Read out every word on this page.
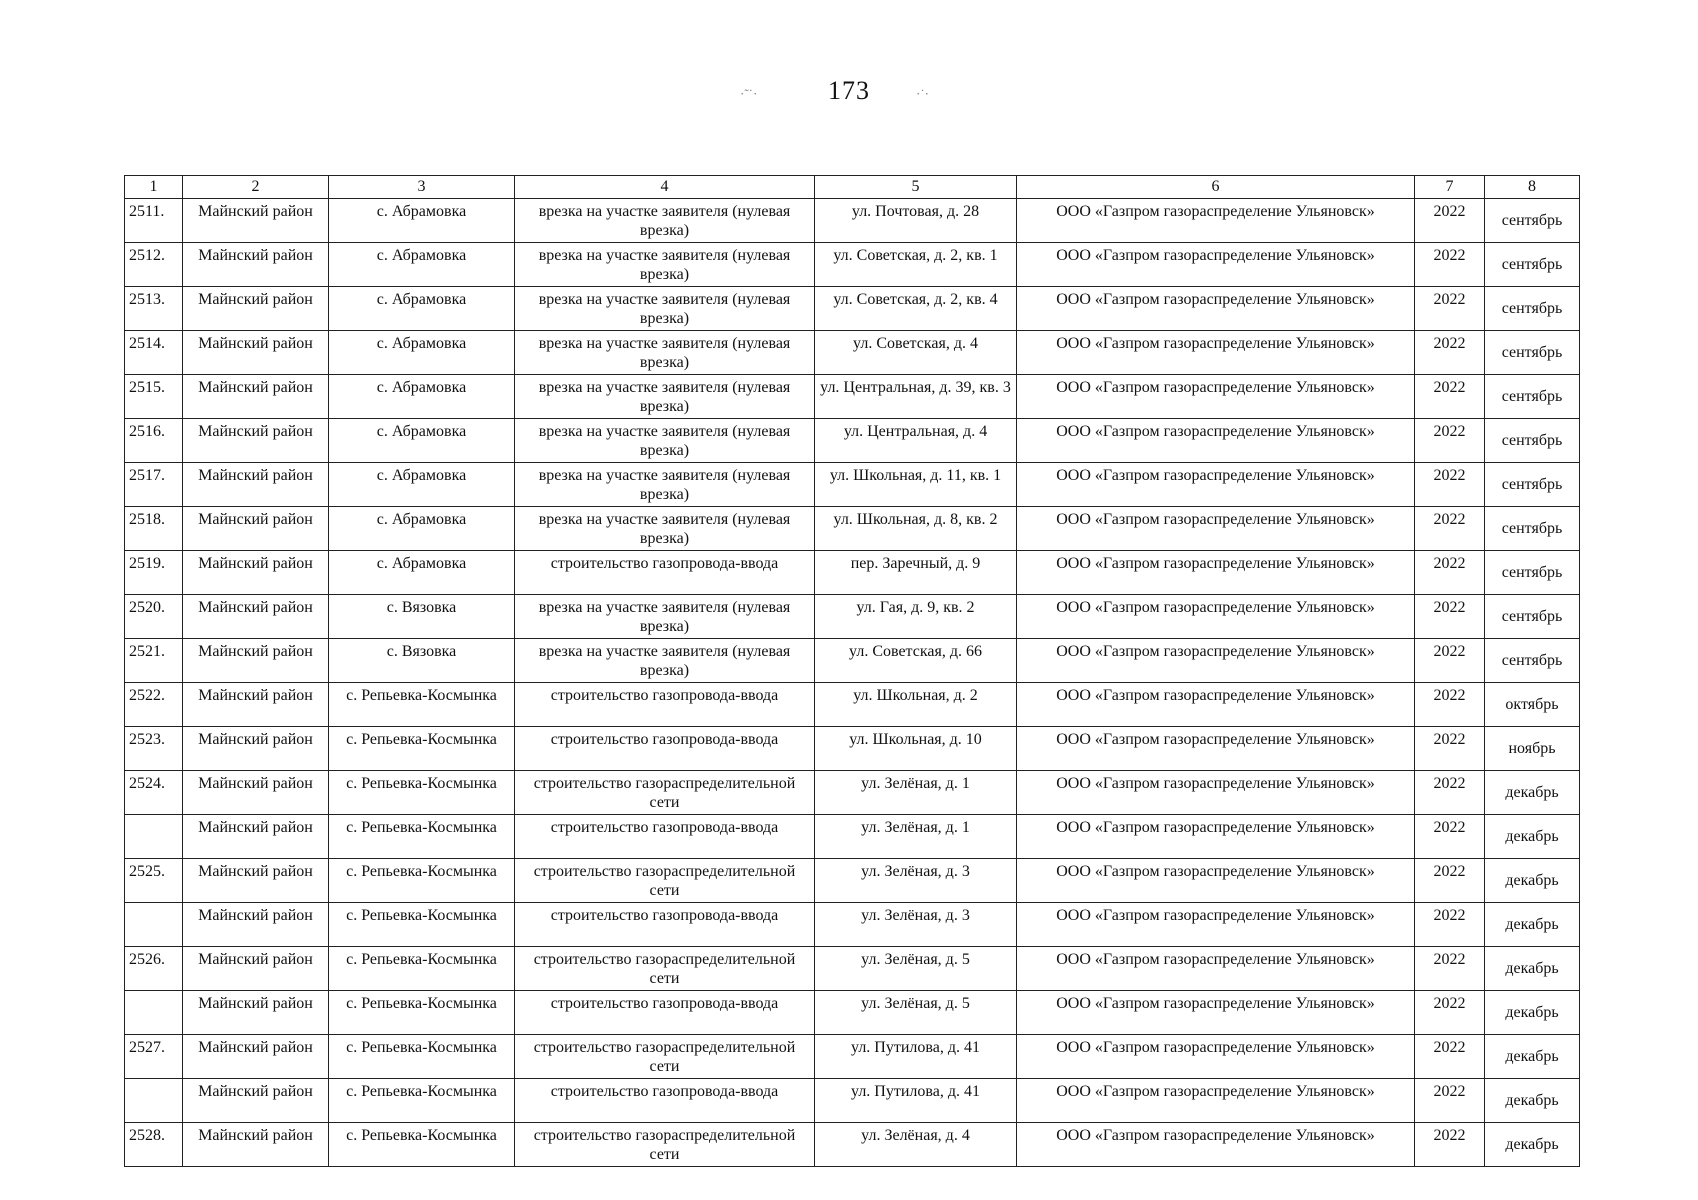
173
·˜˙·	·˙·
1	2	3	4	5	6	7	8
2511.	Майнский район	с. Абрамовка	врезка на участке заявителя (нулевая врезка)	ул. Почтовая, д. 28	ООО «Газпром газораспределение Ульяновск»	2022	сентябрь
2512.	Майнский район	с. Абрамовка	врезка на участке заявителя (нулевая врезка)	ул. Советская, д. 2, кв. 1	ООО «Газпром газораспределение Ульяновск»	2022	сентябрь
2513.	Майнский район	с. Абрамовка	врезка на участке заявителя (нулевая врезка)	ул. Советская, д. 2, кв. 4	ООО «Газпром газораспределение Ульяновск»	2022	сентябрь
2514.	Майнский район	с. Абрамовка	врезка на участке заявителя (нулевая врезка)	ул. Советская, д. 4	ООО «Газпром газораспределение Ульяновск»	2022	сентябрь
2515.	Майнский район	с. Абрамовка	врезка на участке заявителя (нулевая врезка)	ул. Центральная, д. 39, кв. 3	ООО «Газпром газораспределение Ульяновск»	2022	сентябрь
2516.	Майнский район	с. Абрамовка	врезка на участке заявителя (нулевая врезка)	ул. Центральная, д. 4	ООО «Газпром газораспределение Ульяновск»	2022	сентябрь
2517.	Майнский район	с. Абрамовка	врезка на участке заявителя (нулевая врезка)	ул. Школьная, д. 11, кв. 1	ООО «Газпром газораспределение Ульяновск»	2022	сентябрь
2518.	Майнский район	с. Абрамовка	врезка на участке заявителя (нулевая врезка)	ул. Школьная, д. 8, кв. 2	ООО «Газпром газораспределение Ульяновск»	2022	сентябрь
2519.	Майнский район	с. Абрамовка	строительство газопровода-ввода	пер. Заречный, д. 9	ООО «Газпром газораспределение Ульяновск»	2022	сентябрь
2520.	Майнский район	с. Вязовка	врезка на участке заявителя (нулевая врезка)	ул. Гая, д. 9, кв. 2	ООО «Газпром газораспределение Ульяновск»	2022	сентябрь
2521.	Майнский район	с. Вязовка	врезка на участке заявителя (нулевая врезка)	ул. Советская, д. 66	ООО «Газпром газораспределение Ульяновск»	2022	сентябрь
2522.	Майнский район	с. Репьевка-Космынка	строительство газопровода-ввода	ул. Школьная, д. 2	ООО «Газпром газораспределение Ульяновск»	2022	октябрь
2523.	Майнский район	с. Репьевка-Космынка	строительство газопровода-ввода	ул. Школьная, д. 10	ООО «Газпром газораспределение Ульяновск»	2022	ноябрь
2524.	Майнский район	с. Репьевка-Космынка	строительство газораспределительной сети	ул. Зелёная, д. 1	ООО «Газпром газораспределение Ульяновск»	2022	декабрь
	Майнский район	с. Репьевка-Космынка	строительство газопровода-ввода	ул. Зелёная, д. 1	ООО «Газпром газораспределение Ульяновск»	2022	декабрь
2525.	Майнский район	с. Репьевка-Космынка	строительство газораспределительной сети	ул. Зелёная, д. 3	ООО «Газпром газораспределение Ульяновск»	2022	декабрь
	Майнский район	с. Репьевка-Космынка	строительство газопровода-ввода	ул. Зелёная, д. 3	ООО «Газпром газораспределение Ульяновск»	2022	декабрь
2526.	Майнский район	с. Репьевка-Космынка	строительство газораспределительной сети	ул. Зелёная, д. 5	ООО «Газпром газораспределение Ульяновск»	2022	декабрь
	Майнский район	с. Репьевка-Космынка	строительство газопровода-ввода	ул. Зелёная, д. 5	ООО «Газпром газораспределение Ульяновск»	2022	декабрь
2527.	Майнский район	с. Репьевка-Космынка	строительство газораспределительной сети	ул. Путилова, д. 41	ООО «Газпром газораспределение Ульяновск»	2022	декабрь
	Майнский район	с. Репьевка-Космынка	строительство газопровода-ввода	ул. Путилова, д. 41	ООО «Газпром газораспределение Ульяновск»	2022	декабрь
2528.	Майнский район	с. Репьевка-Космынка	строительство газораспределительной сети	ул. Зелёная, д. 4	ООО «Газпром газораспределение Ульяновск»	2022	декабрь
